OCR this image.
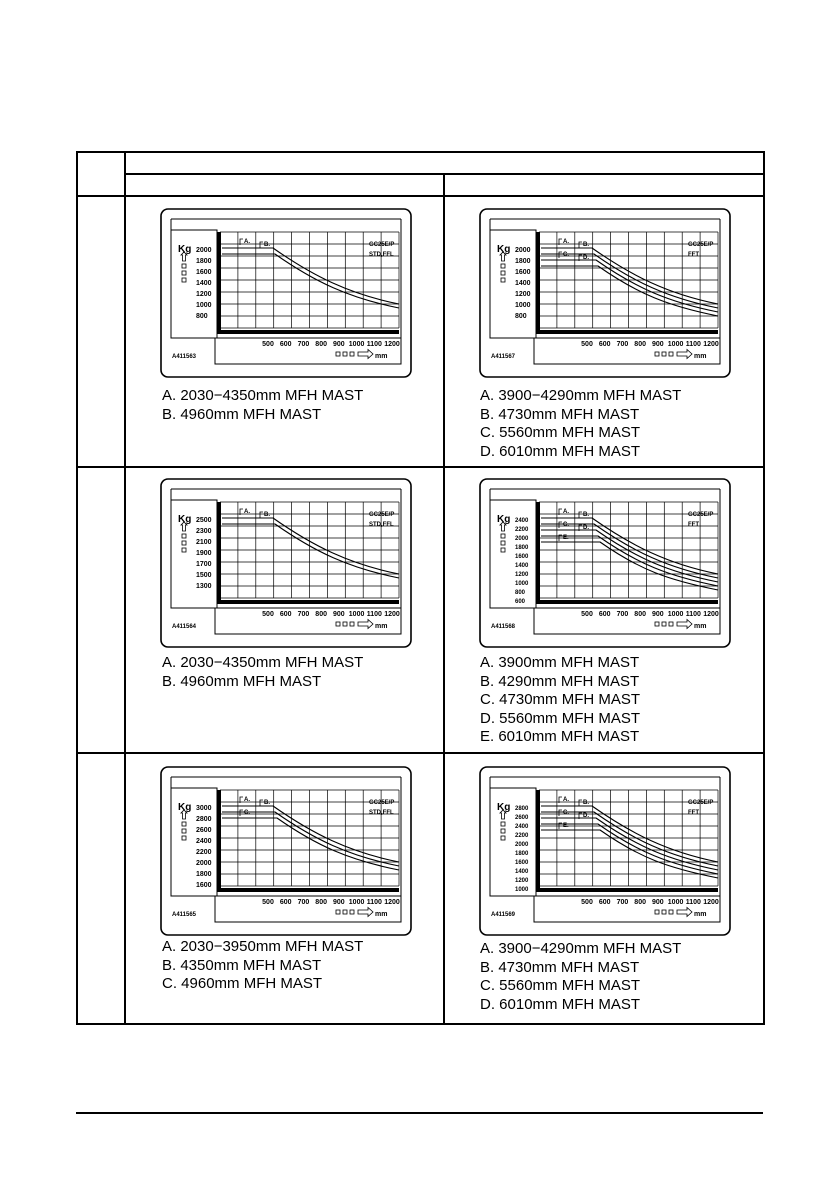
500 600 700 800 900 1000 1100 1200
mm
Kg 2000
1800
1600
1400
1200
1000
800
GC25E/P
STD,FFL
A411563
A. B.
A. 2030−4350mm MFH MAST
B. 4960mm MFH MAST
500 600 700 800 900 1000 1100 1200
mm
Kg 2000
1800
1600
1400
1200
1000
800
GC25E/P
FFT
A411567
A. B.
C. D.
A. 3900−4290mm MFH MAST
B. 4730mm MFH MAST
C. 5560mm MFH MAST
D. 6010mm MFH MAST
500 600 700 800 900 1000 1100 1200
mm
Kg 2500
2300
2100
1900
1700
1500
1300
GC25E/P
STD,FFL
A411564
A. B.
A. 2030−4350mm MFH MAST
B. 4960mm MFH MAST
500 600 700 800 900 1000 1100 1200
mm
Kg 2400
2200
2000
1800
1600
1400
1200
1000
800
600
GC25E/P
FFT
A411568
A. B.
C. D.
E.
A. 3900mm MFH MAST
B. 4290mm MFH MAST
C. 4730mm MFH MAST
D. 5560mm MFH MAST
E. 6010mm MFH MAST
500 600 700 800 900 1000 1100 1200
mm
Kg 3000
2800
2600
2400
2200
2000
1800
1600
GC25E/P
STD,FFL
A411565
A. B.
C.
A. 2030−3950mm MFH MAST
B. 4350mm MFH MAST
C. 4960mm MFH MAST
500 600 700 800 900 1000 1100 1200
mm
Kg 2800
2600
2400
2200
2000
1800
1600
1400
1200
1000
GC25E/P
FFT
A411569
A. B.
C. D.
E.
A. 3900−4290mm MFH MAST
B. 4730mm MFH MAST
C. 5560mm MFH MAST
D. 6010mm MFH MAST
